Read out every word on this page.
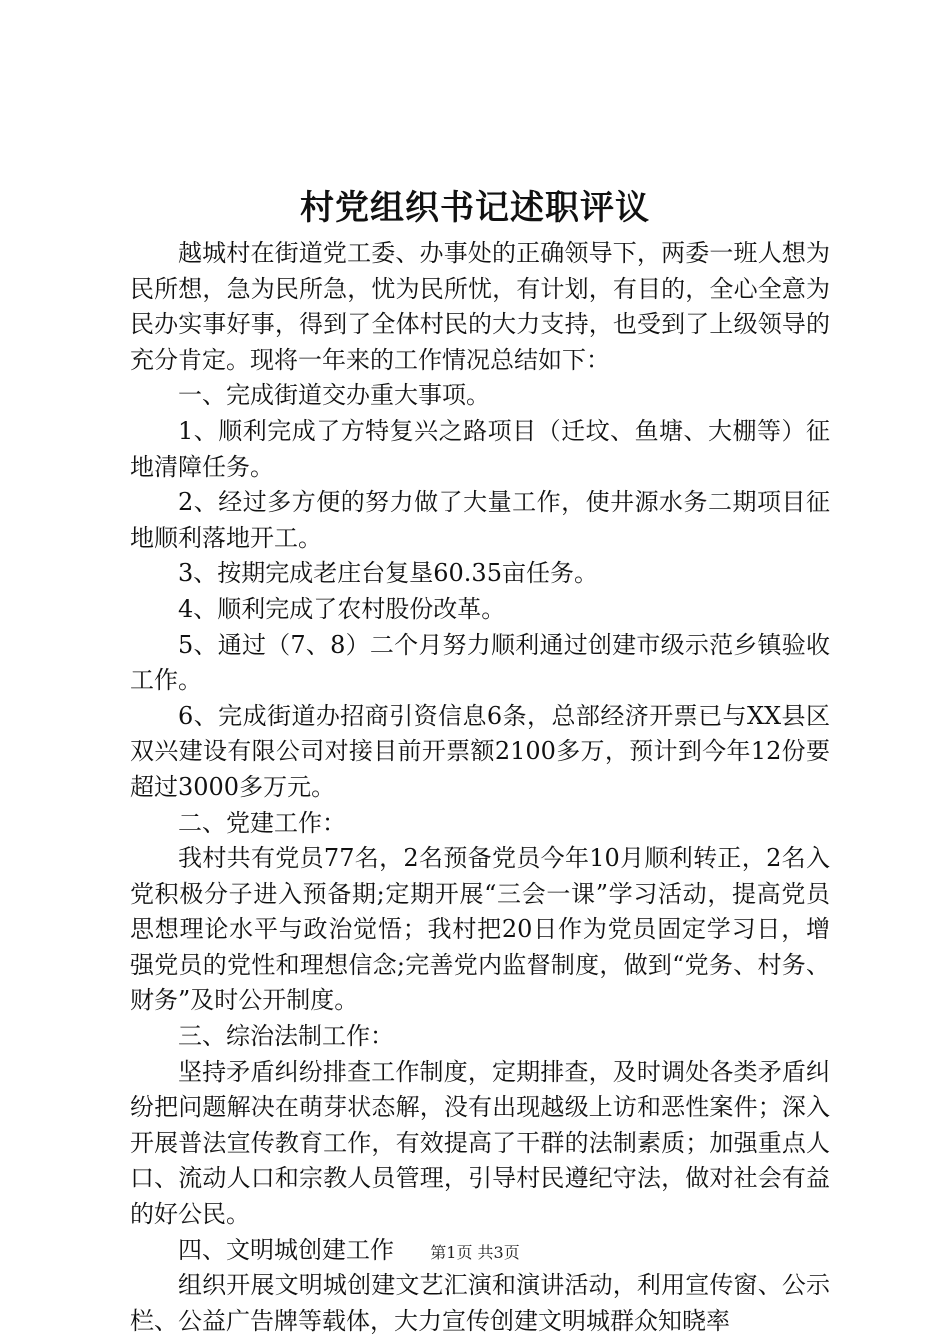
村党组织书记述职评议

越城村在街道党工委、办事处的正确领导下，两委一班人想为民所想，急为民所急，忧为民所忧，有计划，有目的，全心全意为民办实事好事，得到了全体村民的大力支持，也受到了上级领导的充分肯定。现将一年来的工作情况总结如下：

一、完成街道交办重大事项。

1、顺利完成了方特复兴之路项目（迁坟、鱼塘、大棚等）征地清障任务。

2、经过多方便的努力做了大量工作，使井源水务二期项目征地顺利落地开工。

3、按期完成老庄台复垦60.35亩任务。

4、顺利完成了农村股份改革。

5、通过（7、8）二个月努力顺利通过创建市级示范乡镇验收工作。

6、完成街道办招商引资信息6条，总部经济开票已与XX县区双兴建设有限公司对接目前开票额2100多万，预计到今年12份要超过3000多万元。

二、党建工作：

我村共有党员77名，2名预备党员今年10月顺利转正，2名入党积极分子进入预备期;定期开展“三会一课”学习活动，提高党员思想理论水平与政治觉悟；我村把20日作为党员固定学习日，增强党员的党性和理想信念;完善党内监督制度，做到“党务、村务、财务”及时公开制度。

三、综治法制工作：

坚持矛盾纠纷排查工作制度，定期排查，及时调处各类矛盾纠纷把问题解决在萌芽状态解，没有出现越级上访和恶性案件；深入开展普法宣传教育工作，有效提高了干群的法制素质；加强重点人口、流动人口和宗教人员管理，引导村民遵纪守法，做对社会有益的好公民。

四、文明城创建工作

组织开展文明城创建文艺汇演和演讲活动，利用宣传窗、公示栏、公益广告牌等载体，大力宣传创建文明城群众知晓率

第1页 共3页
